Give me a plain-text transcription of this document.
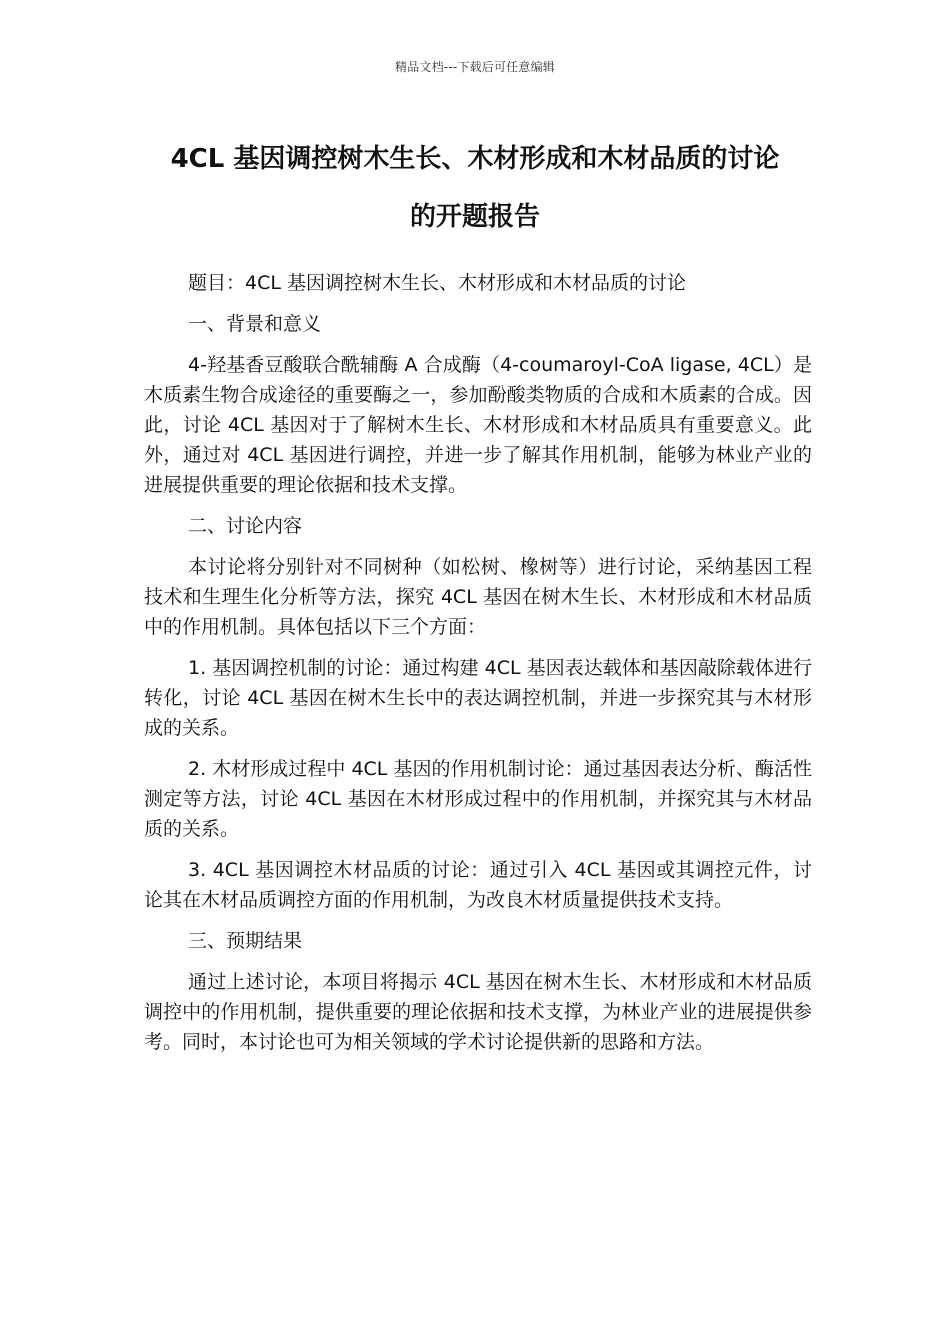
精品文档---下载后可任意编辑
4CL 基因调控树木生长、木材形成和木材品质的讨论
的开题报告

题目：4CL 基因调控树木生长、木材形成和木材品质的讨论

一、背景和意义

4-羟基香豆酸联合酰辅酶 A 合成酶（4-coumaroyl-CoA ligase, 4CL）是木质素生物合成途径的重要酶之一，参加酚酸类物质的合成和木质素的合成。因此，讨论 4CL 基因对于了解树木生长、木材形成和木材品质具有重要意义。此外，通过对 4CL 基因进行调控，并进一步了解其作用机制，能够为林业产业的进展提供重要的理论依据和技术支撑。

二、讨论内容

本讨论将分别针对不同树种（如松树、橡树等）进行讨论，采纳基因工程技术和生理生化分析等方法，探究 4CL 基因在树木生长、木材形成和木材品质中的作用机制。具体包括以下三个方面：

1. 基因调控机制的讨论：通过构建 4CL 基因表达载体和基因敲除载体进行转化，讨论 4CL 基因在树木生长中的表达调控机制，并进一步探究其与木材形成的关系。

2. 木材形成过程中 4CL 基因的作用机制讨论：通过基因表达分析、酶活性测定等方法，讨论 4CL 基因在木材形成过程中的作用机制，并探究其与木材品质的关系。

3. 4CL 基因调控木材品质的讨论：通过引入 4CL 基因或其调控元件，讨论其在木材品质调控方面的作用机制，为改良木材质量提供技术支持。

三、预期结果

通过上述讨论，本项目将揭示 4CL 基因在树木生长、木材形成和木材品质调控中的作用机制，提供重要的理论依据和技术支撑，为林业产业的进展提供参考。同时，本讨论也可为相关领域的学术讨论提供新的思路和方法。
